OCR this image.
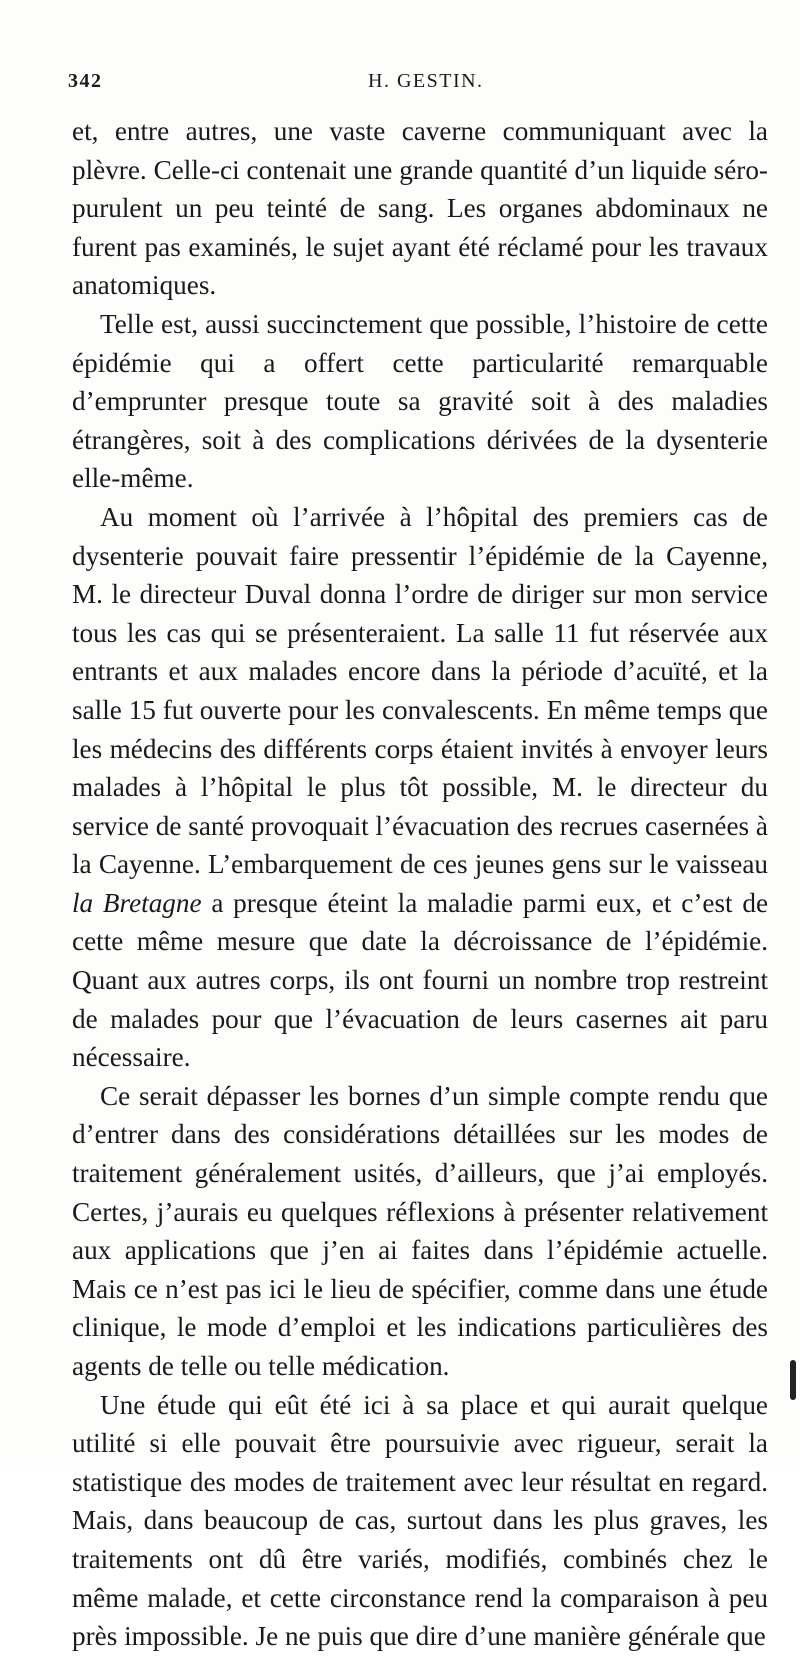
342	H. GESTIN.

et, entre autres, une vaste caverne communiquant avec la plèvre. Celle-ci contenait une grande quantité d’un liquide séro-purulent un peu teinté de sang. Les organes abdominaux ne furent pas examinés, le sujet ayant été réclamé pour les travaux anatomiques.

Telle est, aussi succinctement que possible, l’histoire de cette épidémie qui a offert cette particularité remarquable d’emprunter presque toute sa gravité soit à des maladies étrangères, soit à des complications dérivées de la dysenterie elle-même.

Au moment où l’arrivée à l’hôpital des premiers cas de dysenterie pouvait faire pressentir l’épidémie de la Cayenne, M. le directeur Duval donna l’ordre de diriger sur mon service tous les cas qui se présenteraient. La salle 11 fut réservée aux entrants et aux malades encore dans la période d’acuïté, et la salle 15 fut ouverte pour les convalescents. En même temps que les médecins des différents corps étaient invités à envoyer leurs malades à l’hôpital le plus tôt possible, M. le directeur du service de santé provoquait l’évacuation des recrues casernées à la Cayenne. L’embarquement de ces jeunes gens sur le vaisseau la Bretagne a presque éteint la maladie parmi eux, et c’est de cette même mesure que date la décroissance de l’épidémie. Quant aux autres corps, ils ont fourni un nombre trop restreint de malades pour que l’évacuation de leurs casernes ait paru nécessaire.

Ce serait dépasser les bornes d’un simple compte rendu que d’entrer dans des considérations détaillées sur les modes de traitement généralement usités, d’ailleurs, que j’ai employés. Certes, j’aurais eu quelques réflexions à présenter relativement aux applications que j’en ai faites dans l’épidémie actuelle. Mais ce n’est pas ici le lieu de spécifier, comme dans une étude clinique, le mode d’emploi et les indications particulières des agents de telle ou telle médication.

Une étude qui eût été ici à sa place et qui aurait quelque utilité si elle pouvait être poursuivie avec rigueur, serait la statistique des modes de traitement avec leur résultat en regard. Mais, dans beaucoup de cas, surtout dans les plus graves, les traitements ont dû être variés, modifiés, combinés chez le même malade, et cette circonstance rend la comparaison à peu près impossible. Je ne puis que dire d’une manière générale que
